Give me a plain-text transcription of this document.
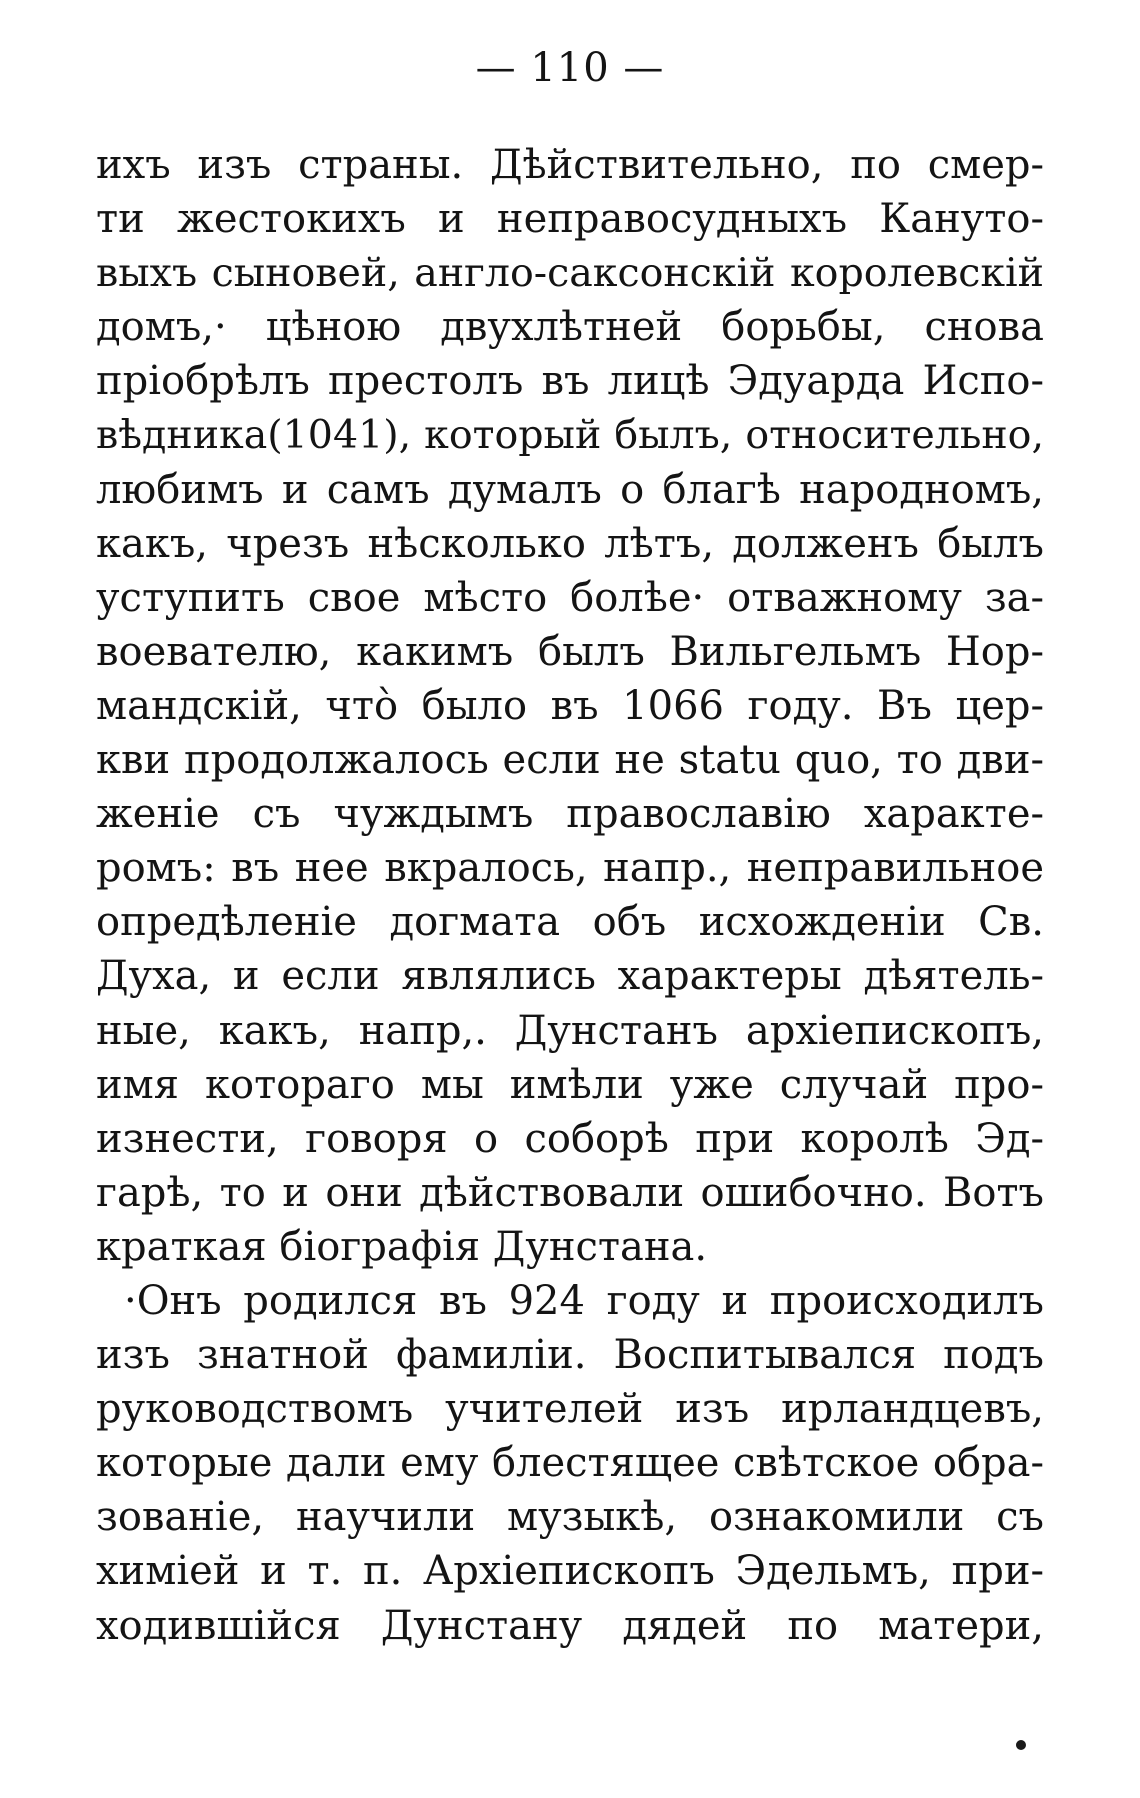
— 110 —
ихъ изъ страны. Дѣйствительно, по смер-
ти жестокихъ и неправосудныхъ Кануто-
выхъ сыновей, англо-саксонскій королевскій
домъ,· цѣною двухлѣтней борьбы, снова
пріобрѣлъ престолъ въ лицѣ Эдуарда Испо-
вѣдника(1041), который былъ, относительно,
любимъ и самъ думалъ о благѣ народномъ,
какъ, чрезъ нѣсколько лѣтъ, долженъ былъ
уступить свое мѣсто болѣе· отважному за-
воевателю, какимъ былъ Вильгельмъ Нор-
мандскій, что̀ было въ 1066 году. Въ цер-
кви продолжалось если не statu quo, то дви-
женіе съ чуждымъ православію характе-
ромъ: въ нее вкралось, напр., неправильное
опредѣленіе догмата объ исхожденіи Св.
Духа, и если являлись характеры дѣятель-
ные, какъ, напр,. Дунстанъ архіепископъ,
имя котораго мы имѣли уже случай про-
изнести, говоря о соборѣ при королѣ Эд-
гарѣ, то и они дѣйствовали ошибочно. Вотъ
краткая біографія Дунстана.
·Онъ родился въ 924 году и происходилъ
изъ знатной фамиліи. Воспитывался подъ
руководствомъ учителей изъ ирландцевъ,
которые дали ему блестящее свѣтское обра-
зованіе, научили музыкѣ, ознакомили съ
химіей и т. п. Архіепископъ Эдельмъ, при-
ходившійся Дунстану дядей по матери,
